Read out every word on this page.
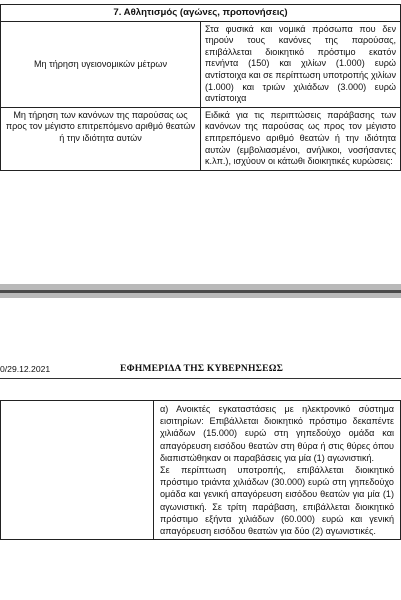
7. Αθλητισμός (αγώνες, προπονήσεις)	
Μη τήρηση υγειονομικών μέτρων	Στα φυσικά και νομικά πρόσωπα που δεν τηρούν τους κανόνες της παρούσας, επιβάλλεται διοικητικό πρόστιμο εκατόν πενήντα (150) και χιλίων (1.000) ευρώ αντίστοιχα και σε περίπτωση υποτροπής χιλίων (1.000) και τριών χιλιάδων (3.000) ευρώ αντίστοιχα
Μη τήρηση των κανόνων της παρούσας ως προς τον μέγιστο επιτρεπόμενο αριθμό θεατών ή την ιδιότητα αυτών	Ειδικά για τις περιπτώσεις παράβασης των κανόνων της παρούσας ως προς τον μέγιστο επιτρεπόμενο αριθμό θεατών ή την ιδιότητα αυτών (εμβολιασμένοι, ανήλικοι, νοσήσαντες κ.λπ.), ισχύουν οι κάτωθι διοικητικές κυρώσεις:
0/29.12.2021	ΕΦΗΜΕΡΙΔΑ ΤΗΣ ΚΥΒΕΡΝΗΣΕΩΣ

α) Ανοικτές εγκαταστάσεις με ηλεκτρονικό σύστημα εισιτηρίων: Επιβάλλεται διοικητικό πρόστιμο δεκαπέντε χιλιάδων (15.000) ευρώ στη γηπεδούχο ομάδα και απαγόρευση εισόδου θεατών στη θύρα ή στις θύρες όπου διαπιστώθηκαν οι παραβάσεις για μία (1) αγωνιστική.
Σε περίπτωση υποτροπής, επιβάλλεται διοικητικό πρόστιμο τριάντα χιλιάδων (30.000) ευρώ στη γηπεδούχο ομάδα και γενική απαγόρευση εισόδου θεατών για μία (1) αγωνιστική. Σε τρίτη παράβαση, επιβάλλεται διοικητικό πρόστιμο εξήντα χιλιάδων (60.000) ευρώ και γενική απαγόρευση εισόδου θεατών για δύο (2) αγωνιστικές.
